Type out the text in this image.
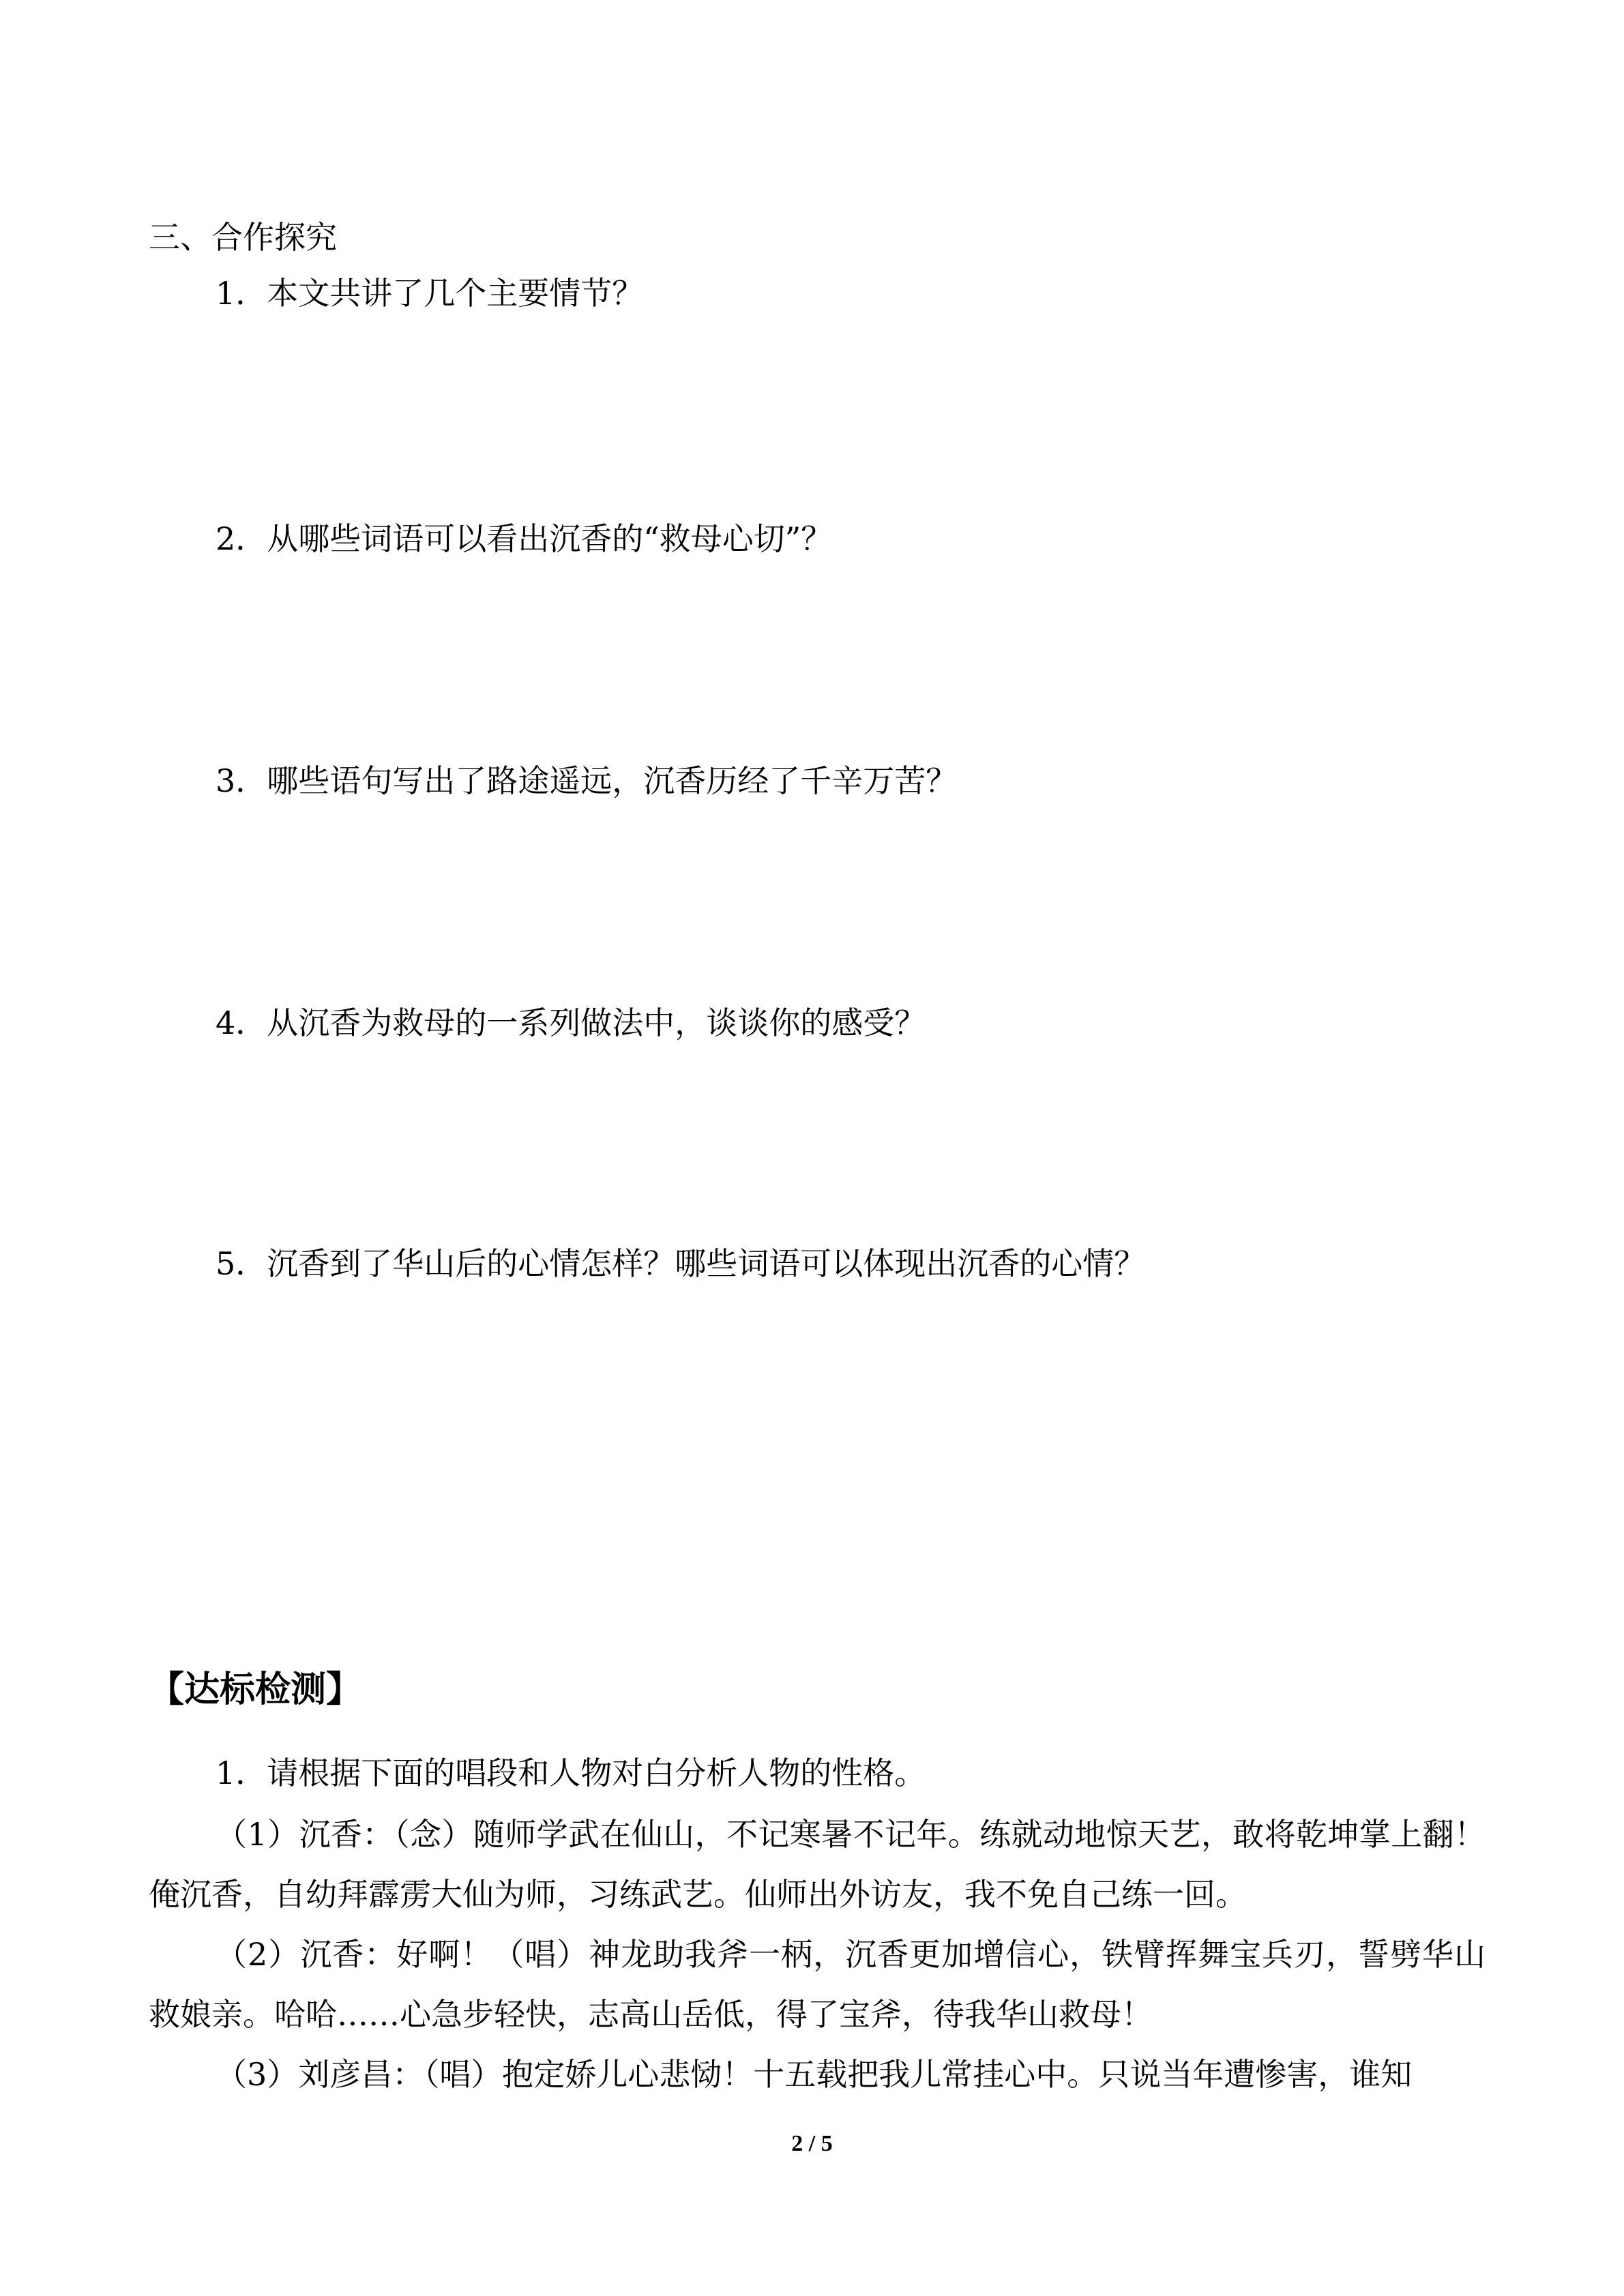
三、合作探究
1．本文共讲了几个主要情节？
2．从哪些词语可以看出沉香的“救母心切”？
3．哪些语句写出了路途遥远，沉香历经了千辛万苦？
4．从沉香为救母的一系列做法中，谈谈你的感受？
5．沉香到了华山后的心情怎样？哪些词语可以体现出沉香的心情？
【达标检测】
1．请根据下面的唱段和人物对白分析人物的性格。
（1）沉香：（念）随师学武在仙山，不记寒暑不记年。练就动地惊天艺，敢将乾坤掌上翻！俺沉香，自幼拜霹雳大仙为师，习练武艺。仙师出外访友，我不免自己练一回。
（2）沉香：好啊！（唱）神龙助我斧一柄，沉香更加增信心，铁臂挥舞宝兵刃，誓劈华山救娘亲。哈哈……心急步轻快，志高山岳低，得了宝斧，待我华山救母！
（3）刘彦昌：（唱）抱定娇儿心悲恸！十五载把我儿常挂心中。只说当年遭惨害，谁知
2 / 5
